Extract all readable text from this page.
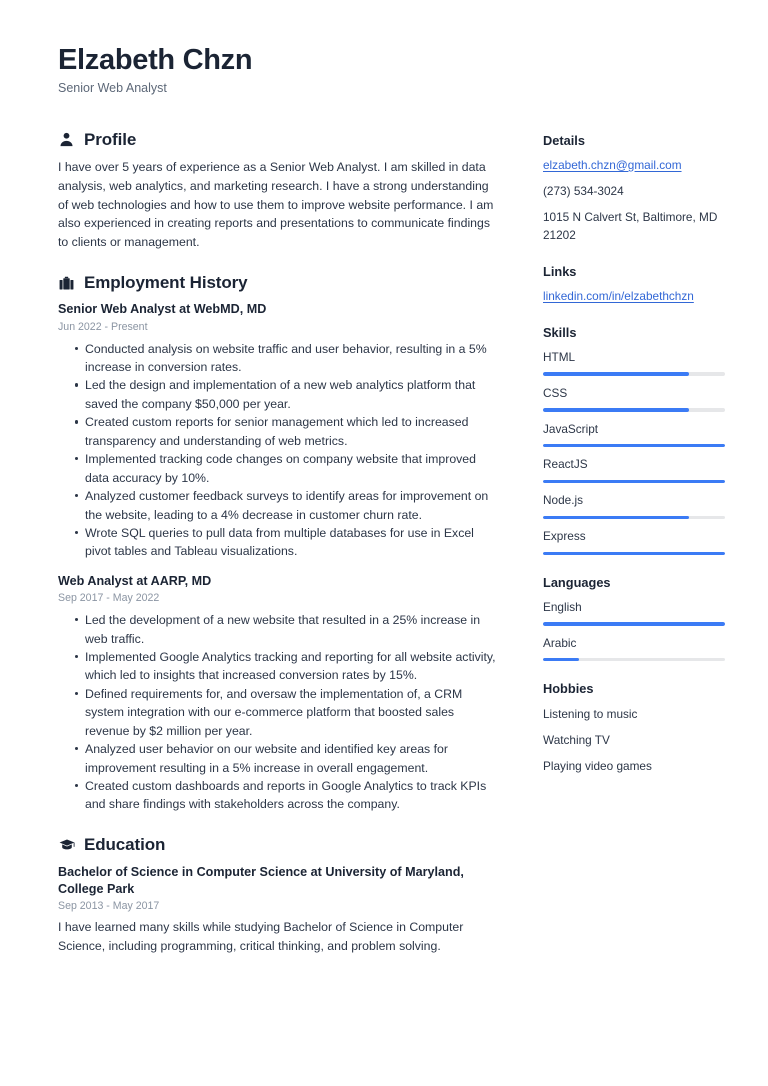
Elzabeth Chzn
Senior Web Analyst
Profile

I have over 5 years of experience as a Senior Web Analyst. I am skilled in data analysis, web analytics, and marketing research. I have a strong understanding of web technologies and how to use them to improve website performance. I am also experienced in creating reports and presentations to communicate findings to clients or management.

Employment History
Senior Web Analyst at WebMD, MD
Jun 2022 - Present
Conducted analysis on website traffic and user behavior, resulting in a 5% increase in conversion rates.
Led the design and implementation of a new web analytics platform that saved the company $50,000 per year.
Created custom reports for senior management which led to increased transparency and understanding of web metrics.
Implemented tracking code changes on company website that improved data accuracy by 10%.
Analyzed customer feedback surveys to identify areas for improvement on the website, leading to a 4% decrease in customer churn rate.
Wrote SQL queries to pull data from multiple databases for use in Excel pivot tables and Tableau visualizations.
Web Analyst at AARP, MD
Sep 2017 - May 2022
Led the development of a new website that resulted in a 25% increase in web traffic.
Implemented Google Analytics tracking and reporting for all website activity, which led to insights that increased conversion rates by 15%.
Defined requirements for, and oversaw the implementation of, a CRM system integration with our e-commerce platform that boosted sales revenue by $2 million per year.
Analyzed user behavior on our website and identified key areas for improvement resulting in a 5% increase in overall engagement.
Created custom dashboards and reports in Google Analytics to track KPIs and share findings with stakeholders across the company.
Education
Bachelor of Science in Computer Science at University of Maryland, College Park
Sep 2013 - May 2017

I have learned many skills while studying Bachelor of Science in Computer Science, including programming, critical thinking, and problem solving.

Details
elzabeth.chzn@gmail.com
(273) 534-3024
1015 N Calvert St, Baltimore, MD 21202
Links
linkedin.com/in/elzabethchzn
Skills
HTML
CSS
JavaScript
ReactJS
Node.js
Express
Languages
English
Arabic
Hobbies
Listening to music
Watching TV
Playing video games
